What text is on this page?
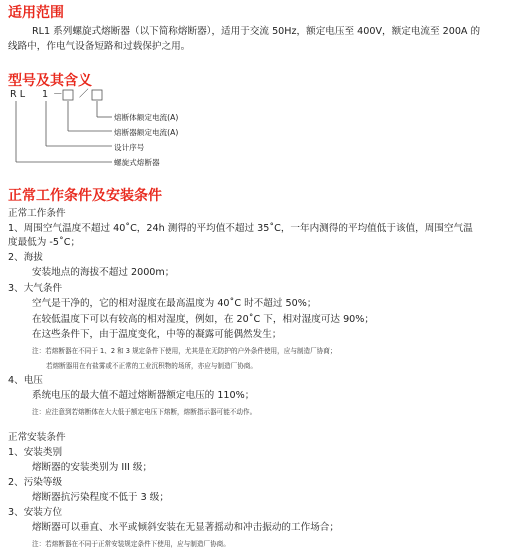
适用范围
RL1 系列螺旋式熔断器（以下简称熔断器），适用于交流 50Hz，额定电压至 400V，额定电流至 200A 的
线路中，作电气设备短路和过载保护之用。
型号及其含义
R L 1 － ／
熔断体额定电流(A)
熔断器额定电流(A)
设计序号
螺旋式熔断器
正常工作条件及安装条件
正常工作条件
1、周围空气温度不超过 40˚C，24h 测得的平均值不超过 35˚C，一年内测得的平均值低于该值，周围空气温
度最低为 -5˚C；
2、海拔
安装地点的海拔不超过 2000m；
3、大气条件
空气是干净的，它的相对湿度在最高温度为 40˚C 时不超过 50%；
在较低温度下可以有较高的相对湿度，例如，在 20˚C 下，相对湿度可达 90%；
在这些条件下，由于温度变化，中等的凝露可能偶然发生；
注：若熔断器在不同于 1、2 和 3 规定条件下使用，尤其是在无防护的户外条件使用，应与制造厂协商；
若熔断器用在有盐雾或不正常的工业沉积物的场所，亦应与制造厂协商。
4、电压
系统电压的最大值不超过熔断器额定电压的 110%；
注：应注意到若熔断体在大大低于额定电压下熔断，熔断指示器可能不动作。
正常安装条件
1、安装类别
熔断器的安装类别为 III 级；
2、污染等级
熔断器抗污染程度不低于 3 级；
3、安装方位
熔断器可以垂直、水平或倾斜安装在无显著摇动和冲击振动的工作场合；
注：若熔断器在不同于正常安装规定条件下使用，应与制造厂协商。
